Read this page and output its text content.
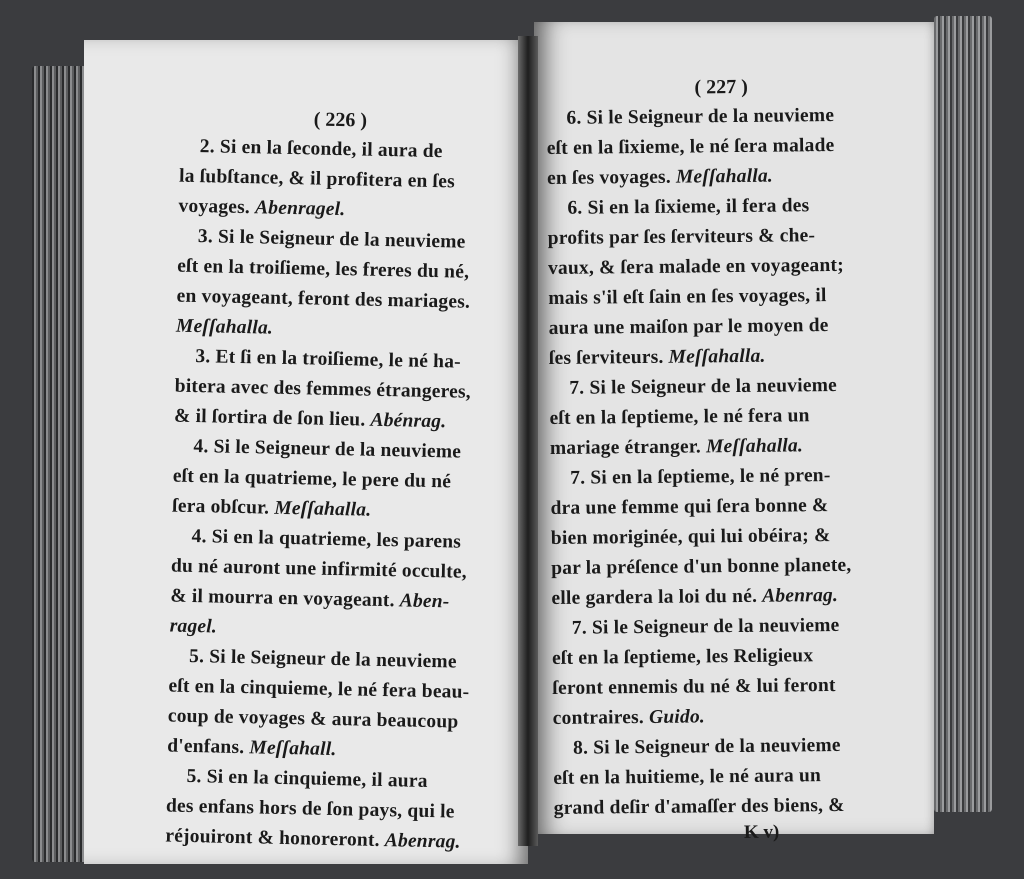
( 226 )
2. Si en la ſeconde, il aura de
la ſubſtance, & il profitera en ſes
voyages. Abenragel.
3. Si le Seigneur de la neuvieme
eſt en la troiſieme, les freres du né,
en voyageant, feront des mariages.
Meſſahalla.
3. Et ſi en la troiſieme, le né ha-
bitera avec des femmes étrangeres,
& il ſortira de ſon lieu. Abénrag.
4. Si le Seigneur de la neuvieme
eſt en la quatrieme, le pere du né
ſera obſcur. Meſſahalla.
4. Si en la quatrieme, les parens
du né auront une infirmité occulte,
& il mourra en voyageant. Aben-
ragel.
5. Si le Seigneur de la neuvieme
eſt en la cinquieme, le né fera beau-
coup de voyages & aura beaucoup
d'enfans. Meſſahall.
5. Si en la cinquieme, il aura
des enfans hors de ſon pays, qui le
réjouiront & honoreront. Abenrag.
( 227 )
6. Si le Seigneur de la neuvieme
eſt en la ſixieme, le né ſera malade
en ſes voyages. Meſſahalla.
6. Si en la ſixieme, il fera des
profits par ſes ſerviteurs & che-
vaux, & ſera malade en voyageant;
mais s'il eſt ſain en ſes voyages, il
aura une maiſon par le moyen de
ſes ſerviteurs. Meſſahalla.
7. Si le Seigneur de la neuvieme
eſt en la ſeptieme, le né fera un
mariage étranger. Meſſahalla.
7. Si en la ſeptieme, le né pren-
dra une femme qui ſera bonne &
bien moriginée, qui lui obéira; &
par la préſence d'un bonne planete,
elle gardera la loi du né. Abenrag.
7. Si le Seigneur de la neuvieme
eſt en la ſeptieme, les Religieux
ſeront ennemis du né & lui feront
contraires. Guido.
8. Si le Seigneur de la neuvieme
eſt en la huitieme, le né aura un
grand deſir d'amaſſer des biens, &
K v)
